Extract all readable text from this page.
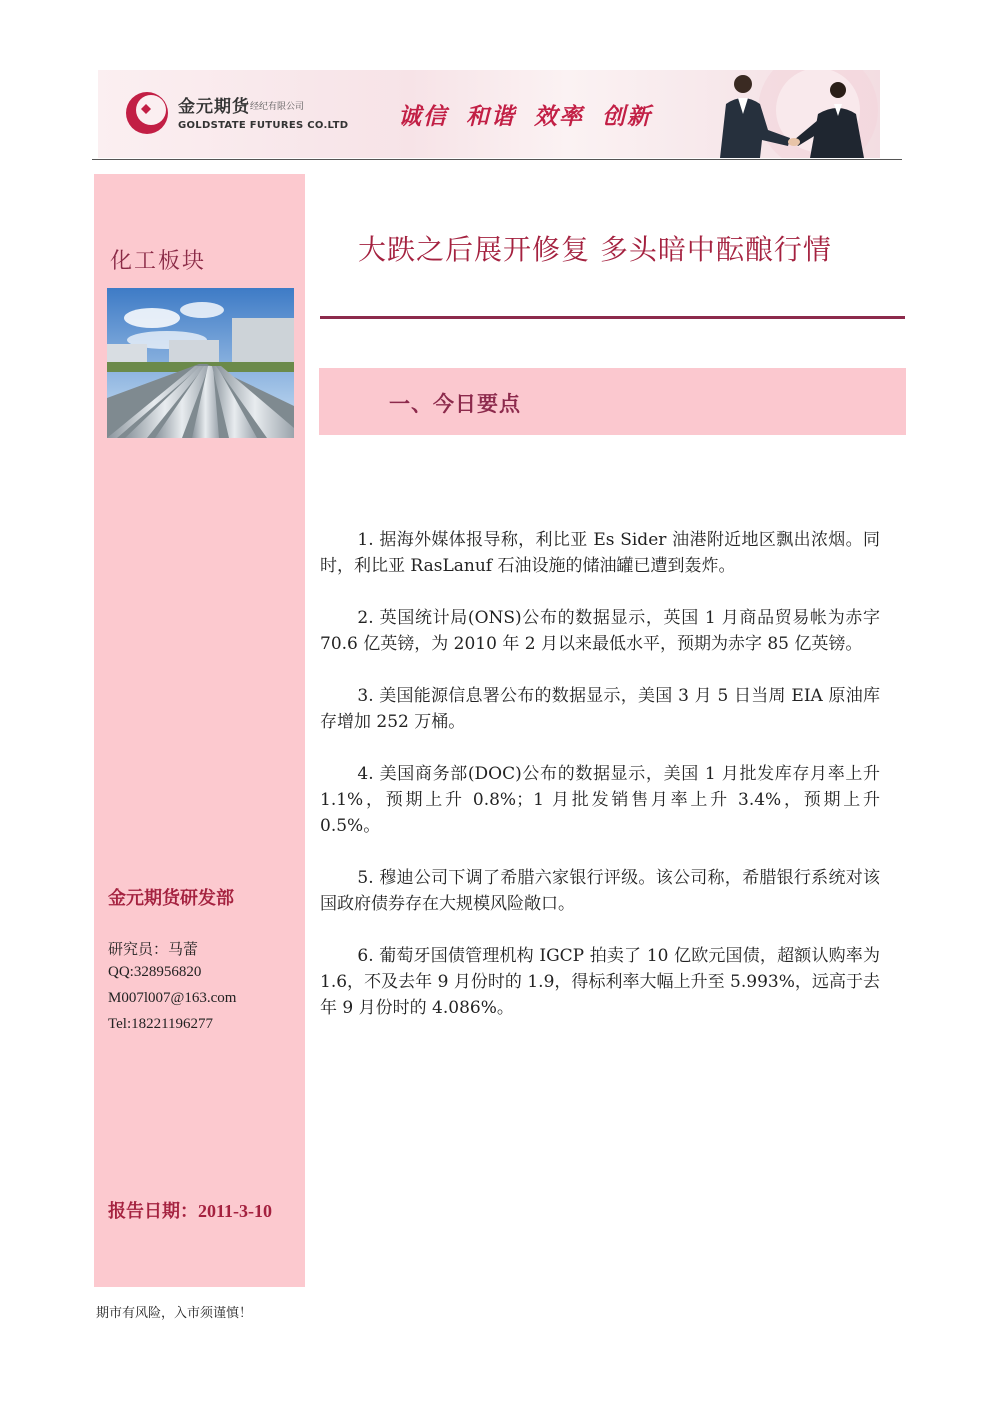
金元期货 经纪有限公司
GOLDSTATE FUTURES CO.LTD 诚信 和谐 效率 创新
化工板块
金元期货研发部
研究员：马蕾
QQ:328956820
M007l007@163.com
Tel:18221196277
报告日期：2011-3-10
大跌之后展开修复 多头暗中酝酿行情
一、今日要点

1. 据海外媒体报导称，利比亚 Es Sider 油港附近地区飘出浓烟。同时，利比亚 RasLanuf 石油设施的储油罐已遭到轰炸。

2. 英国统计局(ONS)公布的数据显示，英国 1 月商品贸易帐为赤字 70.6 亿英镑，为 2010 年 2 月以来最低水平，预期为赤字 85 亿英镑。

3. 美国能源信息署公布的数据显示，美国 3 月 5 日当周 EIA 原油库存增加 252 万桶。

4. 美国商务部(DOC)公布的数据显示，美国 1 月批发库存月率上升 1.1%，预期上升 0.8%；1 月批发销售月率上升 3.4%，预期上升 0.5%。

5. 穆迪公司下调了希腊六家银行评级。该公司称，希腊银行系统对该国政府债券存在大规模风险敞口。

6. 葡萄牙国债管理机构 IGCP 拍卖了 10 亿欧元国债，超额认购率为 1.6，不及去年 9 月份时的 1.9，得标利率大幅上升至 5.993%，远高于去年 9 月份时的 4.086%。

期市有风险，入市须谨慎！
